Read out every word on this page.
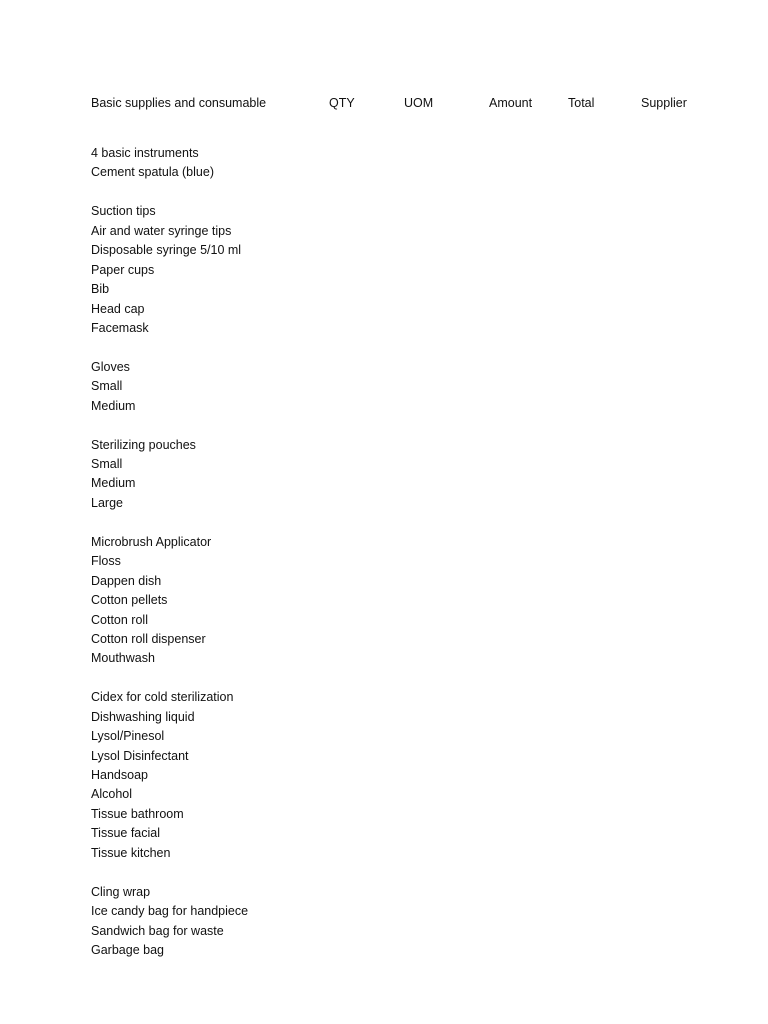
Basic supplies and consumable	QTY	UOM	Amount	Total	Supplier
4 basic instruments
Cement spatula (blue)
Suction tips
Air and water syringe tips
Disposable syringe 5/10 ml
Paper cups
Bib
Head cap
Facemask
Gloves
Small
Medium
Sterilizing pouches
Small
Medium
Large
Microbrush Applicator
Floss
Dappen dish
Cotton pellets
Cotton roll
Cotton roll dispenser
Mouthwash
Cidex for cold sterilization
Dishwashing liquid
Lysol/Pinesol
Lysol Disinfectant
Handsoap
Alcohol
Tissue bathroom
Tissue facial
Tissue kitchen
Cling wrap
Ice candy bag for handpiece
Sandwich bag for waste
Garbage bag
